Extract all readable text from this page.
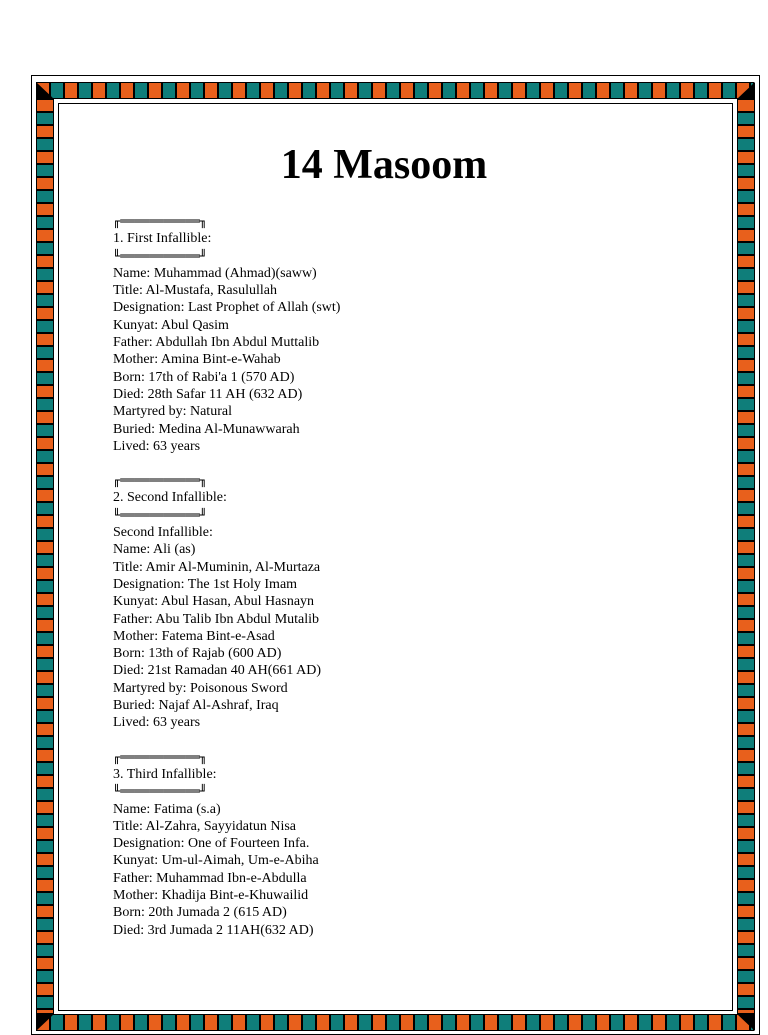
14 Masoom
╓═══════════╖
1. First Infallible:
╙═══════════╜
Name: Muhammad (Ahmad)(saww)
Title: Al-Mustafa, Rasulullah
Designation: Last Prophet of Allah (swt)
Kunyat: Abul Qasim
Father: Abdullah Ibn Abdul Muttalib
Mother: Amina Bint-e-Wahab
Born: 17th of Rabi'a 1 (570 AD)
Died: 28th Safar 11 AH (632 AD)
Martyred by: Natural
Buried: Medina Al-Munawwarah
Lived: 63 years
╓═══════════╖
2. Second Infallible:
╙═══════════╜
Second Infallible:
Name: Ali (as)
Title: Amir Al-Muminin, Al-Murtaza
Designation: The 1st Holy Imam
Kunyat: Abul Hasan, Abul Hasnayn
Father: Abu Talib Ibn Abdul Mutalib
Mother: Fatema Bint-e-Asad
Born: 13th of Rajab (600 AD)
Died: 21st Ramadan 40 AH(661 AD)
Martyred by: Poisonous Sword
Buried: Najaf Al-Ashraf, Iraq
Lived: 63 years
╓═══════════╖
3. Third Infallible:
╙═══════════╜
Name: Fatima (s.a)
Title: Al-Zahra, Sayyidatun Nisa
Designation: One of Fourteen Infa.
Kunyat: Um-ul-Aimah, Um-e-Abiha
Father: Muhammad Ibn-e-Abdulla
Mother: Khadija Bint-e-Khuwailid
Born: 20th Jumada 2 (615 AD)
Died: 3rd Jumada 2 11AH(632 AD)
